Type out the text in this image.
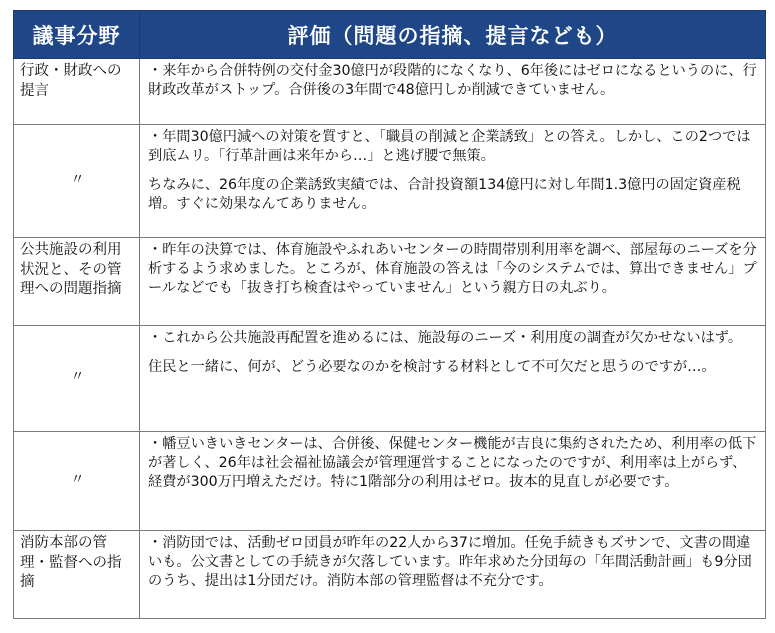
議事分野	評価（問題の指摘、提言なども）
行政・財政への提言	・来年から合併特例の交付金30億円が段階的になくなり、6年後にはゼロになるというのに、行財政改革がストップ。合併後の3年間で48億円しか削減できていません。

〃	・年間30億円減への対策を質すと、「職員の削減と企業誘致」との答え。しかし、この2つでは到底ムリ。「行革計画は来年から…」と逃げ腰で無策。

ちなみに、26年度の企業誘致実績では、合計投資額134億円に対し年間1.3億円の固定資産税増。すぐに効果なんてありません。

公共施設の利用状況と、その管理への問題指摘	・昨年の決算では、体育施設やふれあいセンターの時間帯別利用率を調べ、部屋毎のニーズを分析するよう求めました。ところが、体育施設の答えは「今のシステムでは、算出できません」プールなどでも「抜き打ち検査はやっていません」という親方日の丸ぶり。

〃	・これから公共施設再配置を進めるには、施設毎のニーズ・利用度の調査が欠かせないはず。

住民と一緒に、何が、どう必要なのかを検討する材料として不可欠だと思うのですが…。

〃	・幡豆いきいきセンターは、合併後、保健センター機能が吉良に集約されたため、利用率の低下が著しく、26年は社会福祉協議会が管理運営することになったのですが、利用率は上がらず、経費が300万円増えただけ。特に1階部分の利用はゼロ。抜本的見直しが必要です。

消防本部の管理・監督への指摘	・消防団では、活動ゼロ団員が昨年の22人から37に増加。任免手続きもズサンで、文書の間違いも。公文書としての手続きが欠落しています。昨年求めた分団毎の「年間活動計画」も9分団のうち、提出は1分団だけ。消防本部の管理監督は不充分です。
